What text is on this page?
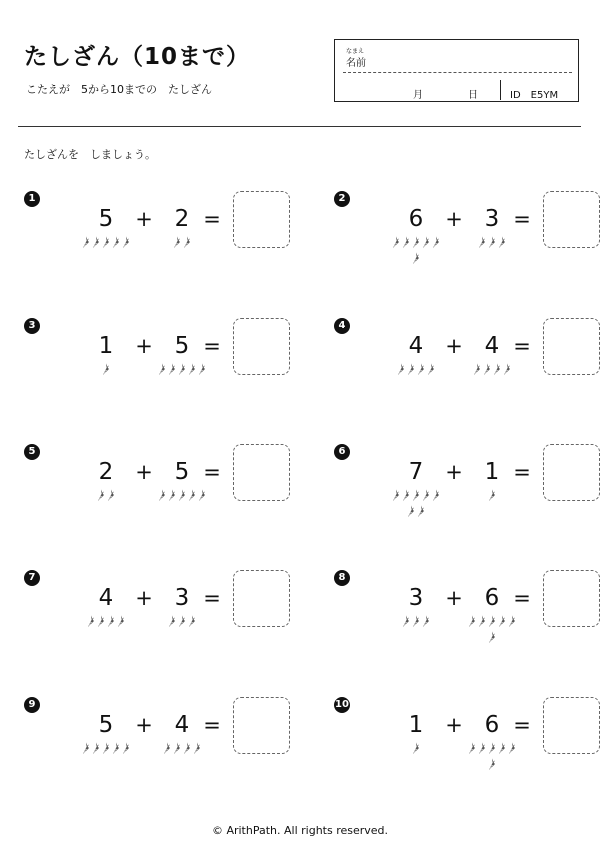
たしざん（10まで）
こたえが　5から10までの　たしざん
なまえ
名前
月	日	ID　E5YM
たしざんを　しましょう。
1
5	+ 2 =
2
6	+ 3 =
3
1	+ 5 =
4
4	+ 4 =
5
2	+ 5 =
6
7	+ 1 =
7
4	+ 3 =
8
3	+ 6 =
9
5	+ 4 =
10
1	+ 6 =
© ArithPath. All rights reserved.
